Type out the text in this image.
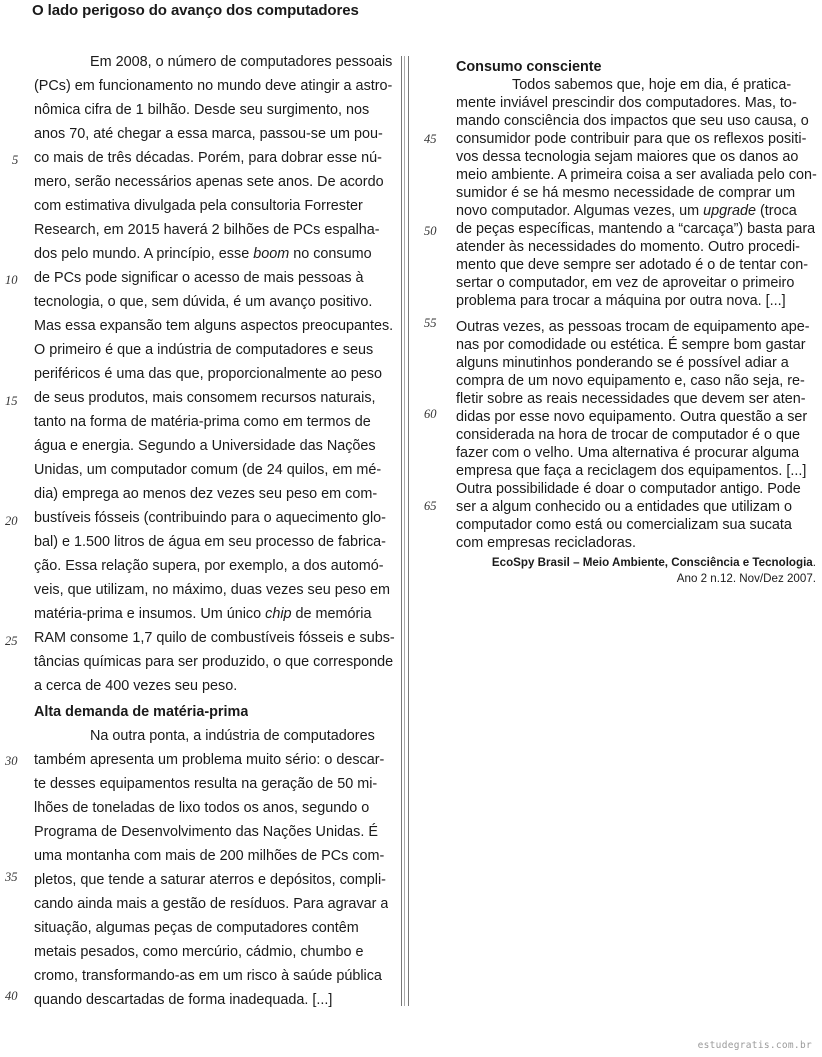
O lado perigoso do avanço dos computadores
Em 2008, o número de computadores pessoais
(PCs) em funcionamento no mundo deve atingir a astro-
nômica cifra de 1 bilhão. Desde seu surgimento, nos
anos 70, até chegar a essa marca, passou-se um pou-
co mais de três décadas. Porém, para dobrar esse nú-
mero, serão necessários apenas sete anos. De acordo
com estimativa divulgada pela consultoria Forrester
Research, em 2015 haverá 2 bilhões de PCs espalha-
dos pelo mundo. A princípio, esse boom no consumo
de PCs pode significar o acesso de mais pessoas à
tecnologia, o que, sem dúvida, é um avanço positivo.
Mas essa expansão tem alguns aspectos preocupantes.
O primeiro é que a indústria de computadores e seus
periféricos é uma das que, proporcionalmente ao peso
de seus produtos, mais consomem recursos naturais,
tanto na forma de matéria-prima como em termos de
água e energia. Segundo a Universidade das Nações
Unidas, um computador comum (de 24 quilos, em mé-
dia) emprega ao menos dez vezes seu peso em com-
bustíveis fósseis (contribuindo para o aquecimento glo-
bal) e 1.500 litros de água em seu processo de fabrica-
ção. Essa relação supera, por exemplo, a dos automó-
veis, que utilizam, no máximo, duas vezes seu peso em
matéria-prima e insumos. Um único chip de memória
RAM consome 1,7 quilo de combustíveis fósseis e subs-
tâncias químicas para ser produzido, o que corresponde
a cerca de 400 vezes seu peso.
Alta demanda de matéria-prima
Na outra ponta, a indústria de computadores
também apresenta um problema muito sério: o descar-
te desses equipamentos resulta na geração de 50 mi-
lhões de toneladas de lixo todos os anos, segundo o
Programa de Desenvolvimento das Nações Unidas. É
uma montanha com mais de 200 milhões de PCs com-
pletos, que tende a saturar aterros e depósitos, compli-
cando ainda mais a gestão de resíduos. Para agravar a
situação, algumas peças de computadores contêm
metais pesados, como mercúrio, cádmio, chumbo e
cromo, transformando-as em um risco à saúde pública
quando descartadas de forma inadequada. [...]
5
10
15
20
25
30
35
40
Consumo consciente
Todos sabemos que, hoje em dia, é pratica-
mente inviável prescindir dos computadores. Mas, to-
mando consciência dos impactos que seu uso causa, o
consumidor pode contribuir para que os reflexos positi-
vos dessa tecnologia sejam maiores que os danos ao
meio ambiente. A primeira coisa a ser avaliada pelo con-
sumidor é se há mesmo necessidade de comprar um
novo computador. Algumas vezes, um upgrade (troca
de peças específicas, mantendo a “carcaça”) basta para
atender às necessidades do momento. Outro procedi-
mento que deve sempre ser adotado é o de tentar con-
sertar o computador, em vez de aproveitar o primeiro
problema para trocar a máquina por outra nova. [...]
Outras vezes, as pessoas trocam de equipamento ape-
nas por comodidade ou estética. É sempre bom gastar
alguns minutinhos ponderando se é possível adiar a
compra de um novo equipamento e, caso não seja, re-
fletir sobre as reais necessidades que devem ser aten-
didas por esse novo equipamento. Outra questão a ser
considerada na hora de trocar de computador é o que
fazer com o velho. Uma alternativa é procurar alguma
empresa que faça a reciclagem dos equipamentos. [...]
Outra possibilidade é doar o computador antigo. Pode
ser a algum conhecido ou a entidades que utilizam o
computador como está ou comercializam sua sucata
com empresas recicladoras.
45
50
55
60
65
EcoSpy Brasil – Meio Ambiente, Consciência e Tecnologia.
Ano 2 n.12. Nov/Dez 2007.
estudegratis.com.br
